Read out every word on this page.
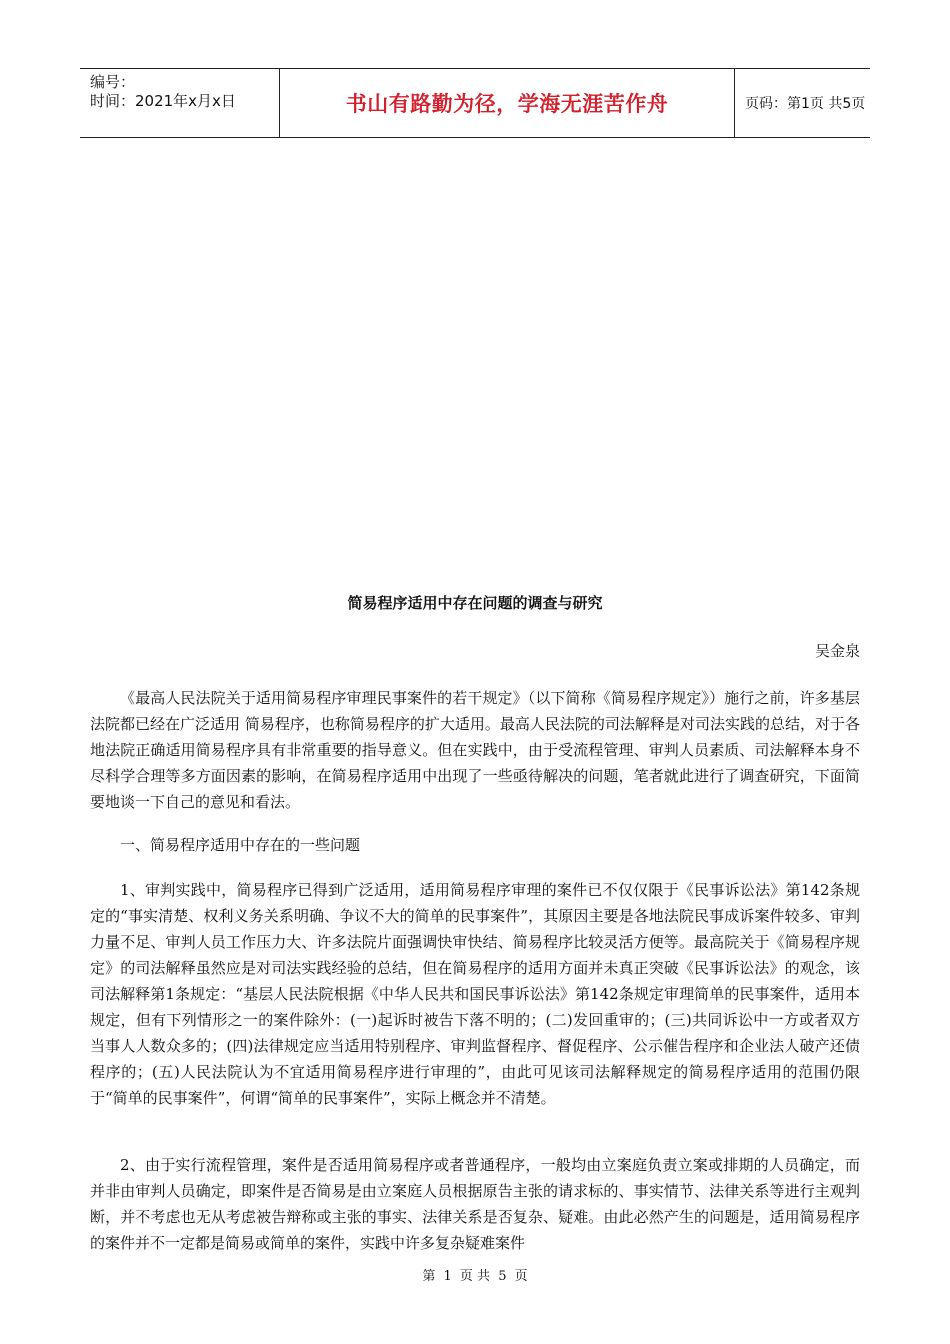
编号：
时间：2021年x月x日	书山有路勤为径，学海无涯苦作舟	页码：第1页 共5页
简易程序适用中存在问题的调查与研究
吴金泉

《最高人民法院关于适用简易程序审理民事案件的若干规定》（以下简称《简易程序规定》）施行之前，许多基层法院都已经在广泛适用 简易程序，也称简易程序的扩大适用。最高人民法院的司法解释是对司法实践的总结，对于各地法院正确适用简易程序具有非常重要的指导意义。但在实践中，由于受流程管理、审判人员素质、司法解释本身不尽科学合理等多方面因素的影响，在简易程序适用中出现了一些亟待解决的问题，笔者就此进行了调查研究，下面简要地谈一下自己的意见和看法。

一、简易程序适用中存在的一些问题

1、审判实践中，简易程序已得到广泛适用，适用简易程序审理的案件已不仅仅限于《民事诉讼法》第142条规定的“事实清楚、权利义务关系明确、争议不大的简单的民事案件”，其原因主要是各地法院民事成诉案件较多、审判力量不足、审判人员工作压力大、许多法院片面强调快审快结、简易程序比较灵活方便等。最高院关于《简易程序规定》的司法解释虽然应是对司法实践经验的总结，但在简易程序的适用方面并未真正突破《民事诉讼法》的观念，该司法解释第1条规定：“基层人民法院根据《中华人民共和国民事诉讼法》第142条规定审理简单的民事案件，适用本规定，但有下列情形之一的案件除外：(一)起诉时被告下落不明的；(二)发回重审的；(三)共同诉讼中一方或者双方当事人人数众多的；(四)法律规定应当适用特别程序、审判监督程序、督促程序、公示催告程序和企业法人破产还债程序的；(五)人民法院认为不宜适用简易程序进行审理的”，由此可见该司法解释规定的简易程序适用的范围仍限于“简单的民事案件”，何谓“简单的民事案件”，实际上概念并不清楚。

2、由于实行流程管理，案件是否适用简易程序或者普通程序，一般均由立案庭负责立案或排期的人员确定，而并非由审判人员确定，即案件是否简易是由立案庭人员根据原告主张的请求标的、事实情节、法律关系等进行主观判断，并不考虑也无从考虑被告辩称或主张的事实、法律关系是否复杂、疑难。由此必然产生的问题是，适用简易程序的案件并不一定都是简易或简单的案件，实践中许多复杂疑难案件

第 1 页 共 5 页
